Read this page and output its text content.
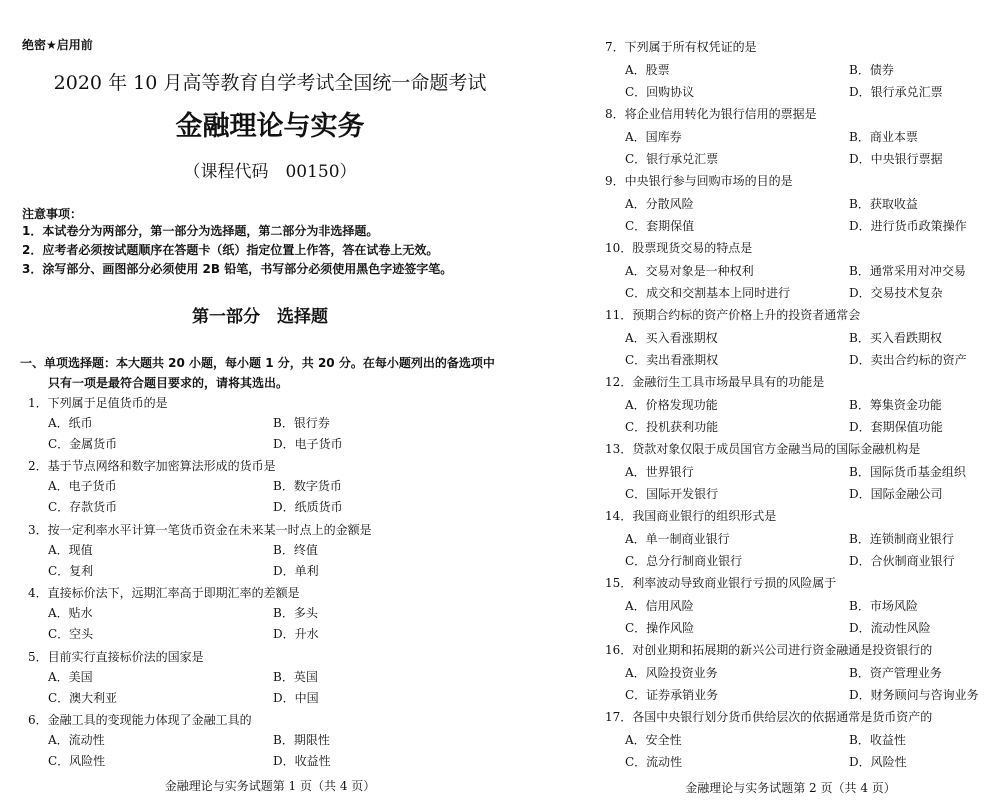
绝密★启用前
2020 年 10 月高等教育自学考试全国统一命题考试
金融理论与实务
（课程代码　00150）
注意事项：
1．本试卷分为两部分，第一部分为选择题，第二部分为非选择题。
2．应考者必须按试题顺序在答题卡（纸）指定位置上作答，答在试卷上无效。
3．涂写部分、画图部分必须使用 2B 铅笔，书写部分必须使用黑色字迹签字笔。
第一部分　选择题
一、单项选择题：本大题共 20 小题，每小题 1 分，共 20 分。在每小题列出的备选项中
只有一项是最符合题目要求的，请将其选出。
1．下列属于足值货币的是
A．纸币	B．银行券
C．金属货币	D．电子货币
2．基于节点网络和数字加密算法形成的货币是
A．电子货币	B．数字货币
C．存款货币	D．纸质货币
3．按一定利率水平计算一笔货币资金在未来某一时点上的金额是
A．现值	B．终值
C．复利	D．单利
4．直接标价法下，远期汇率高于即期汇率的差额是
A．贴水	B．多头
C．空头	D．升水
5．目前实行直接标价法的国家是
A．美国	B．英国
C．澳大利亚	D．中国
6．金融工具的变现能力体现了金融工具的
A．流动性	B．期限性
C．风险性	D．收益性
金融理论与实务试题第 1 页（共 4 页）
7．下列属于所有权凭证的是
A．股票	B．债券
C．回购协议	D．银行承兑汇票
8．将企业信用转化为银行信用的票据是
A．国库券	B．商业本票
C．银行承兑汇票	D．中央银行票据
9．中央银行参与回购市场的目的是
A．分散风险	B．获取收益
C．套期保值	D．进行货币政策操作
10．股票现货交易的特点是
A．交易对象是一种权利	B．通常采用对冲交易
C．成交和交割基本上同时进行	D．交易技术复杂
11．预期合约标的资产价格上升的投资者通常会
A．买入看涨期权	B．买入看跌期权
C．卖出看涨期权	D．卖出合约标的资产
12．金融衍生工具市场最早具有的功能是
A．价格发现功能	B．筹集资金功能
C．投机获利功能	D．套期保值功能
13．贷款对象仅限于成员国官方金融当局的国际金融机构是
A．世界银行	B．国际货币基金组织
C．国际开发银行	D．国际金融公司
14．我国商业银行的组织形式是
A．单一制商业银行	B．连锁制商业银行
C．总分行制商业银行	D．合伙制商业银行
15．利率波动导致商业银行亏损的风险属于
A．信用风险	B．市场风险
C．操作风险	D．流动性风险
16．对创业期和拓展期的新兴公司进行资金融通是投资银行的
A．风险投资业务	B．资产管理业务
C．证券承销业务	D．财务顾问与咨询业务
17．各国中央银行划分货币供给层次的依据通常是货币资产的
A．安全性	B．收益性
C．流动性	D．风险性
金融理论与实务试题第 2 页（共 4 页）
